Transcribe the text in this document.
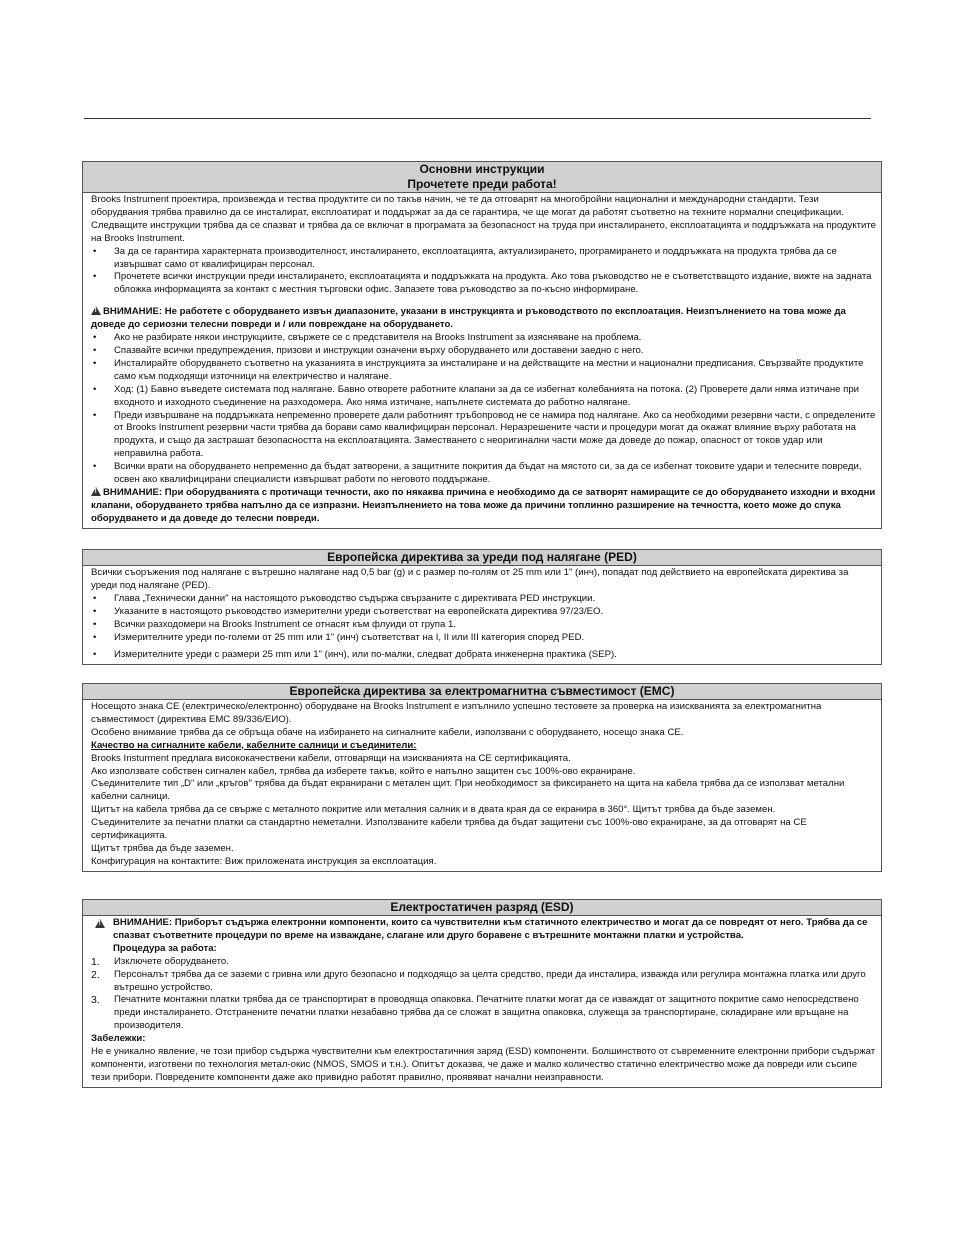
Основни инструкции
Прочетете преди работа!

Brooks Instrument проектира, произвежда и тества продуктите си по такъв начин, че те да отговарят на многобройни национални и международни стандарти. Тези оборудвания трябва правилно да се инсталират, експлоатират и поддържат за да се гарантира, че ще могат да работят съответно на техните нормални спецификации. Следващите инструкции трябва да се спазват и трябва да се включат в програмата за безопасност на труда при инсталирането, експлоатацията и поддръжката на продуктите на Brooks Instrument.

• За да се гарантира характерната производителност, инсталирането, експлоатацията, актуализирането, програмирането и поддръжката на продукта трябва да се извършват само от квалифициран персонал.

• Прочетете всички инструкции преди инсталирането, експлоатацията и поддръжката на продукта. Ако това ръководство не е съответстващото издание, вижте на задната обложка информацията за контакт с местния търговски офис. Запазете това ръководство за по-късно информиране.

!ВНИМАНИЕ: Не работете с оборудването извън диапазоните, указани в инструкцията и ръководството по експлоатация. Неизпълнението на това може да доведе до сериозни телесни повреди и / или повреждане на оборудването.

• Ако не разбирате някои инструкциите, свържете се с представителя на Brooks Instrument за изясняване на проблема.

• Спазвайте всички предупреждения, призови и инструкции означени върху оборудването или доставени заедно с него.

• Инсталирайте оборудването съответно на указанията в инструкцията за инсталиране и на действащите на местни и национални предписания. Свързвайте продуктите само към подходящи източници на електричество и налягане.

• Ход: (1) Бавно въведете системата под налягане. Бавно отворете работните клапани за да се избегнат колебанията на потока. (2) Проверете дали няма изтичане при входното и изходното съединение на разходомера. Ако няма изтичане, напълнете системата до работно налягане.

• Преди извършване на поддръжката непременно проверете дали работният тръбопровод не се намира под налягане. Ако са необходими резервни части, с определените от Brooks Instrument резервни части трябва да борави само квалифициран персонал. Неразрешените части и процедури могат да окажат влияние върху работата на продукта, и също да застрашат безопасността на експлоатацията. Заместването с неоригинални части може да доведе до пожар, опасност от токов удар или неправилна работа.

• Всички врати на оборудването непременно да бъдат затворени, а защитните покрития да бъдат на мястото си, за да се избегнат токовите удари и телесните повреди, освен ако квалифицирани специалисти извършват работи по неговото поддържане.

!ВНИМАНИЕ: При оборудванията с протичащи течности, ако по някаква причина е необходимо да се затворят намиращите се до оборудването изходни и входни клапани, оборудването трябва напълно да се изпразни. Неизпълнението на това може да причини топлинно разширение на течността, което може до спука оборудването и да доведе до телесни повреди.

Европейска директива за уреди под налягане (PED)

Всички съоръжения под налягане с вътрешно налягане над 0,5 bar (g) и с размер по-голям от 25 mm или 1" (инч), попадат под действието на европейската директива за уреди под налягане (PED).

• Глава „Технически данни" на настоящото ръководство съдържа свързаните с директивата PED инструкции.

• Указаните в настоящото ръководство измерителни уреди съответстват на европейската директива 97/23/EO.

• Всички разходомери на Brooks Instrument се отнасят към флуиди от група 1.

• Измерителните уреди по-големи от 25 mm или 1" (инч) съответстват на I, II или III категория според PED.

• Измерителните уреди с размери 25 mm или 1" (инч), или по-малки, следват добрата инженерна практика (SEP).

Европейска директива за електромагнитна съвместимост (EMC)

Носещото знака CE (електрическо/електронно) оборудване на Brooks Instrument е изпълнило успешно тестовете за проверка на изискванията за електромагнитна съвместимост (директива EMC 89/336/EИО).

Особено внимание трябва да се обръща обаче на избирането на сигналните кабели, използвани с оборудването, носещо знака CE.

Качество на сигналните кабели, кабелните салници и съединители:

Brooks Insturment предлага висококачествени кабели, отговарящи на изискванията на CE сертификацията.

Ако използвате собствен сигнален кабел, трябва да изберете такъв, който е напълно защитен със 100%-ово екраниране.

Съединителите тип „D" или „кръгов" трябва да бъдат екранирани с метален щит. При необходимост за фиксирането на щита на кабела трябва да се използват метални кабелни салници.

Щитът на кабела трябва да се свърже с металното покритие или металния салник и в двата края да се екранира в 360°. Щитът трябва да бъде заземен.

Съединителите за печатни платки са стандартно неметални. Използваните кабели трябва да бъдат защитени със 100%-ово екраниране, за да отговарят на CE сертификацията.

Щитът трябва да бъде заземен.

Конфигурация на контактите: Виж приложената инструкция за експлоатация.

Електростатичен разряд (ESD)

!
ВНИМАНИЕ: Приборът съдържа електронни компоненти, които са чувствителни към статичното електричество и могат да се повредят от него. Трябва да се спазват съответните процедури по време на изваждане, слагане или друго боравене с вътрешните монтажни платки и устройства.

Процедура за работа:

1. Изключете оборудването.

2. Персоналът трябва да се заземи с гривна или друго безопасно и подходящо за целта средство, преди да инсталира, изважда или регулира монтажна платка или друго вътрешно устройство.

3. Печатните монтажни платки трябва да се транспортират в проводяща опаковка. Печатните платки могат да се изваждат от защитното покритие само непосредствено преди инсталирането. Отстранените печатни платки незабавно трябва да се сложат в защитна опаковка, служеща за транспортиране, складиране или връщане на производителя.

Забележки:

Не е уникално явление, че този прибор съдържа чувствителни към електростатичния заряд (ESD) компоненти. Болшинството от съвременните електронни прибори съдържат компоненти, изготвени по технология метал-окис (NMOS, SMOS и т.н.). Опитът доказва, че даже и малко количество статично електричество може да повреди или съсипе тези прибори. Повредените компоненти даже ако привидно работят правилно, проявяват начални неизправности.
